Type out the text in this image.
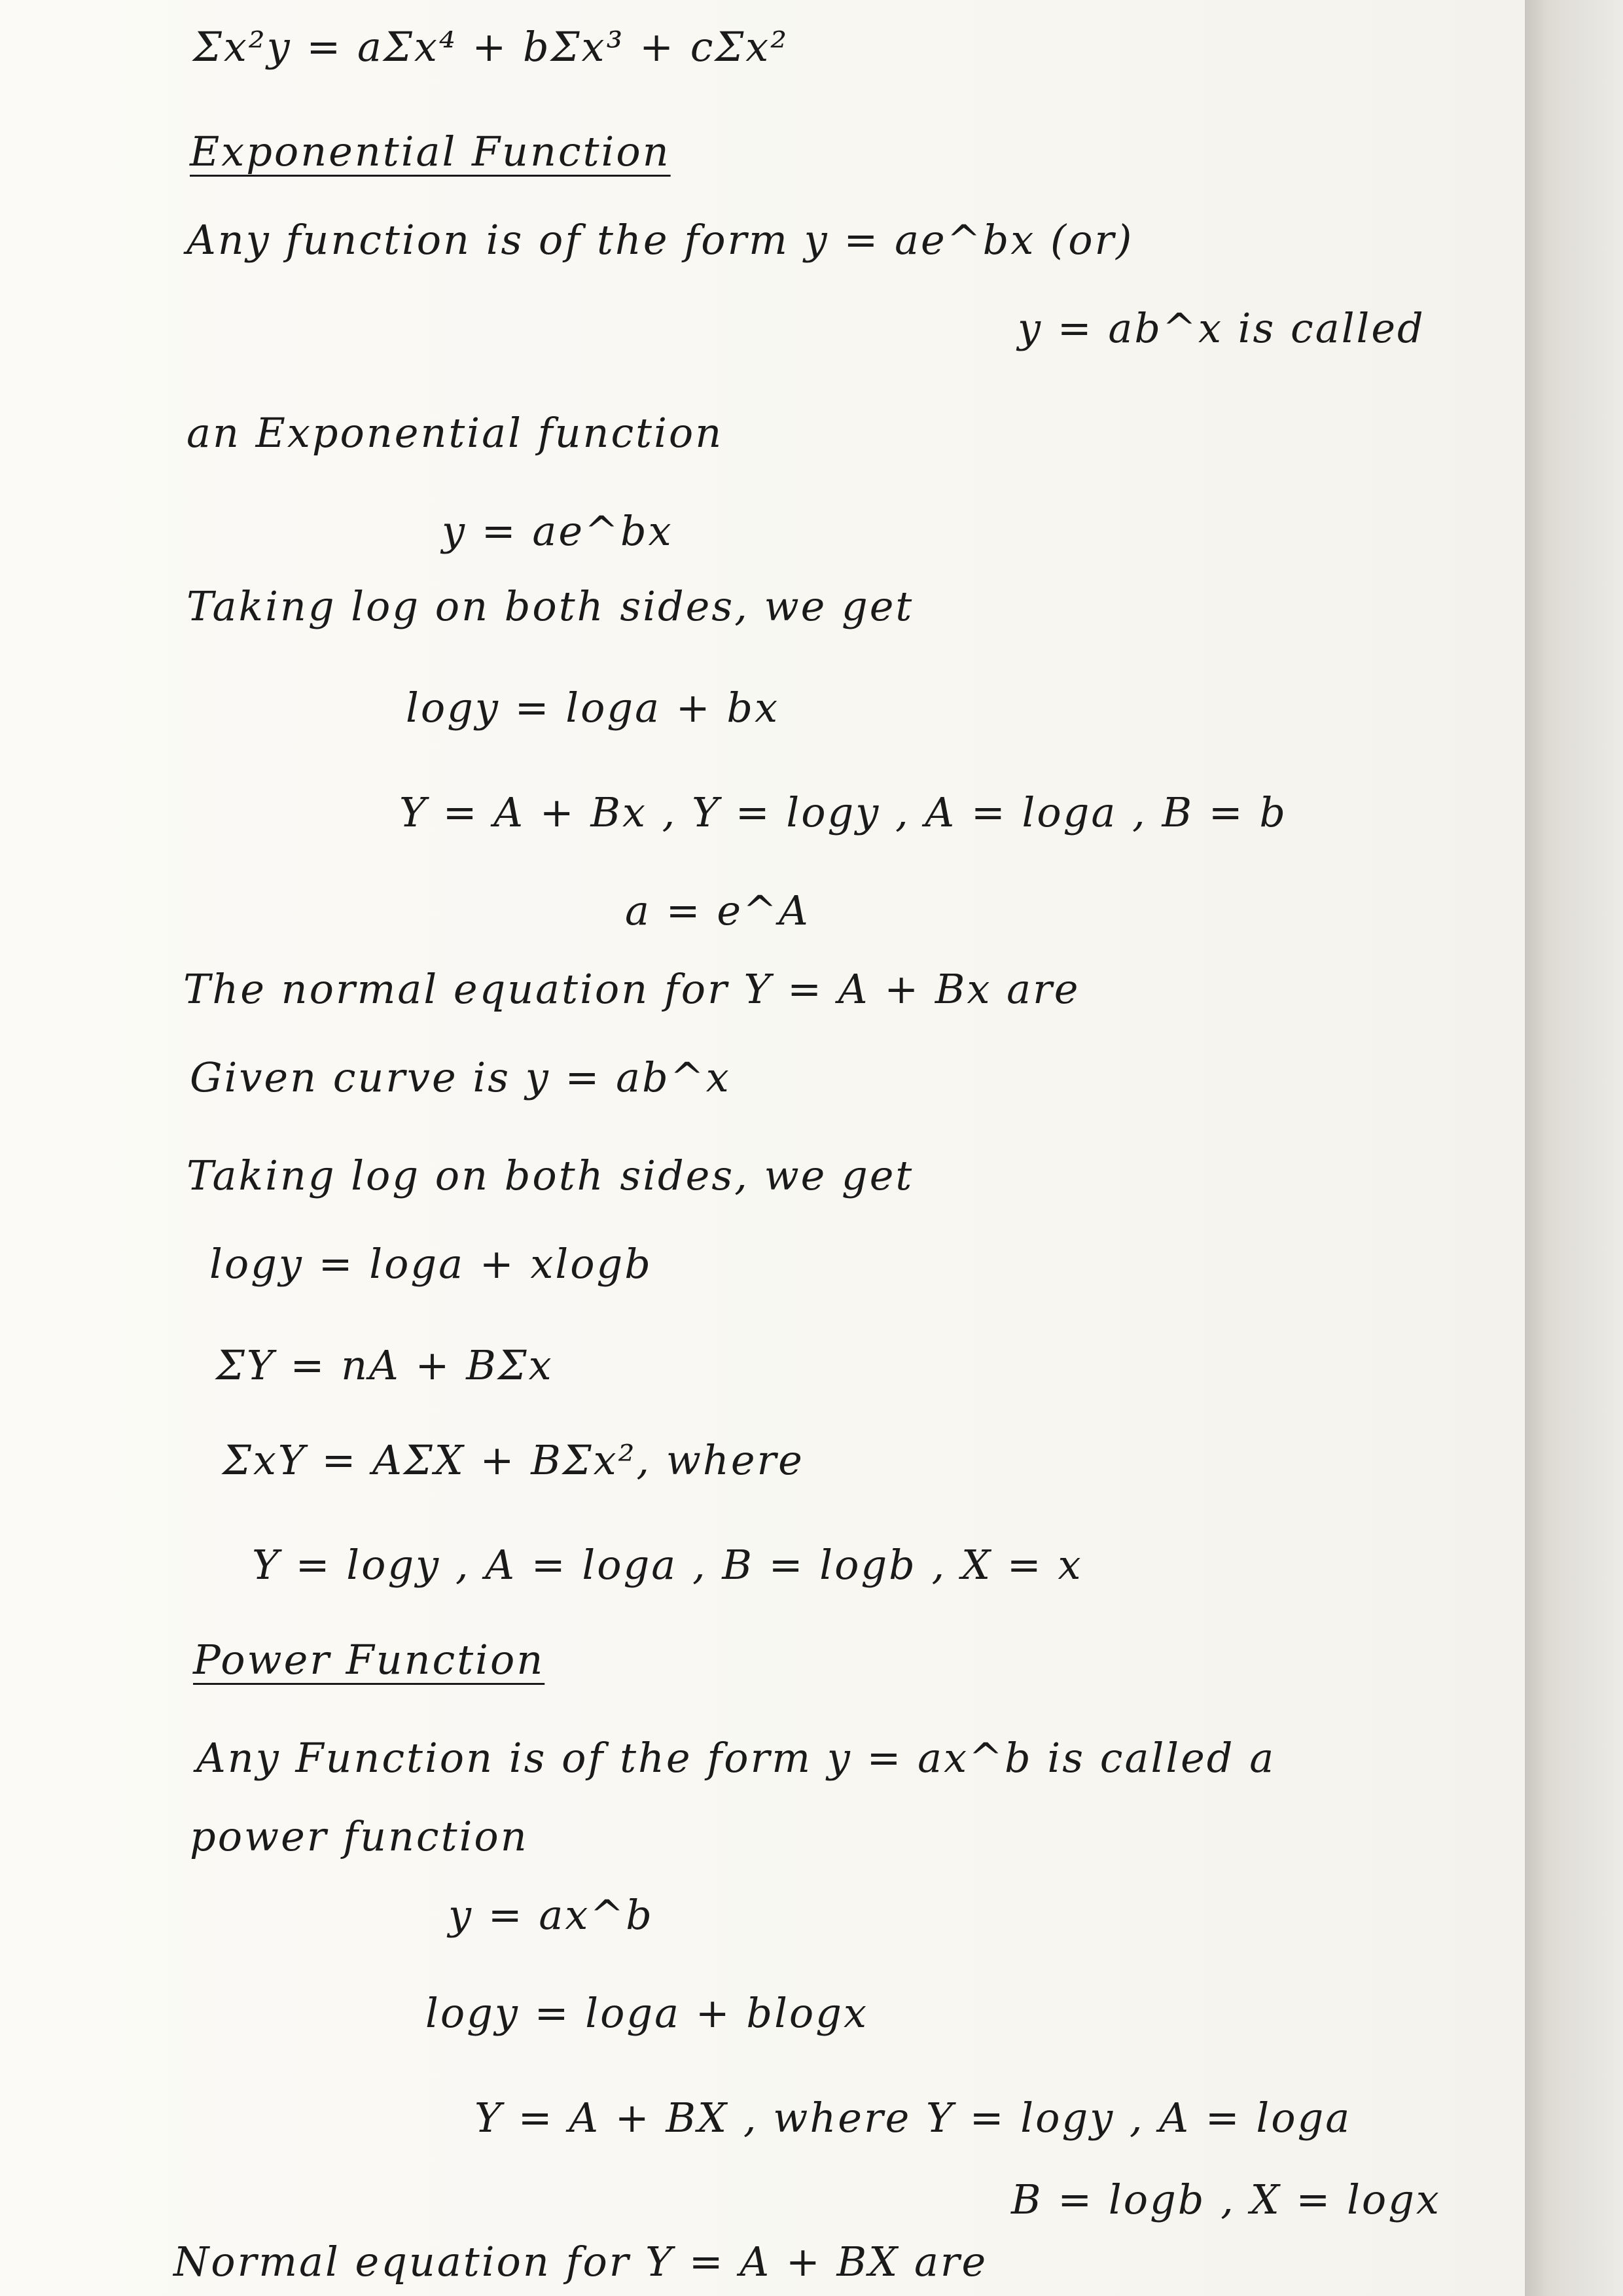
Σx²y = aΣx⁴ + bΣx³ + cΣx²
Exponential Function
Any function is of the form y = ae^bx (or)
y = ab^x is called
an Exponential function
y = ae^bx
Taking log on both sides, we get
logy = loga + bx
Y = A + Bx , Y = logy , A = loga , B = b
a = e^A
The normal equation for Y = A + Bx are
Given curve is y = ab^x
Taking log on both sides, we get
logy = loga + xlogb
ΣY = nA + BΣx
ΣxY = AΣX + BΣx², where
Y = logy , A = loga , B = logb , X = x
Power Function
Any Function is of the form y = ax^b is called a
power function
y = ax^b
logy = loga + blogx
Y = A + BX , where Y = logy , A = loga
B = logb , X = logx
Normal equation for Y = A + BX are
